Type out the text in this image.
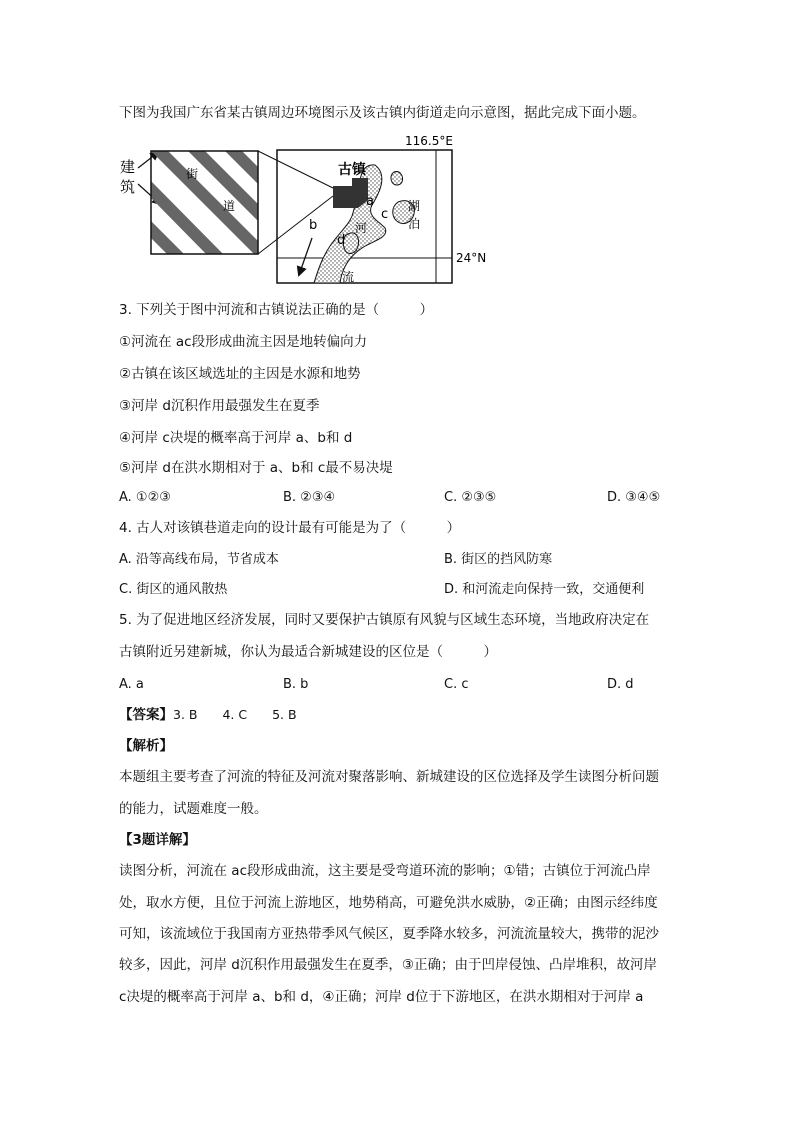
下图为我国广东省某古镇周边环境图示及该古镇内街道走向示意图，据此完成下面小题。
建
筑
街
道
116.5°E
24°N
古镇
a
b
c
d
河
流
湖
泊
3. 下列关于图中河流和古镇说法正确的是（　　　）
①河流在 ac段形成曲流主因是地转偏向力
②古镇在该区域选址的主因是水源和地势
③河岸 d沉积作用最强发生在夏季
④河岸 c决堤的概率高于河岸 a、b和 d
⑤河岸 d在洪水期相对于 a、b和 c最不易决堤
A. ①②③	B. ②③④	C. ②③⑤	D. ③④⑤
4. 古人对该镇巷道走向的设计最有可能是为了（　　　）
A. 沿等高线布局，节省成本	B. 街区的挡风防寒
C. 街区的通风散热	D. 和河流走向保持一致，交通便利
5. 为了促进地区经济发展，同时又要保护古镇原有风貌与区域生态环境，当地政府决定在
古镇附近另建新城，你认为最适合新城建设的区位是（　　　）
A. a	B. b	C. c	D. d
【答案】3. B　　4. C　　5. B
【解析】
本题组主要考查了河流的特征及河流对聚落影响、新城建设的区位选择及学生读图分析问题
的能力，试题难度一般。
【3题详解】
读图分析，河流在 ac段形成曲流，这主要是受弯道环流的影响；①错；古镇位于河流凸岸
处，取水方便，且位于河流上游地区，地势稍高，可避免洪水威胁，②正确；由图示经纬度
可知，该流域位于我国南方亚热带季风气候区，夏季降水较多，河流流量较大，携带的泥沙
较多，因此，河岸 d沉积作用最强发生在夏季，③正确；由于凹岸侵蚀、凸岸堆积，故河岸
c决堤的概率高于河岸 a、b和 d，④正确；河岸 d位于下游地区，在洪水期相对于河岸 a
